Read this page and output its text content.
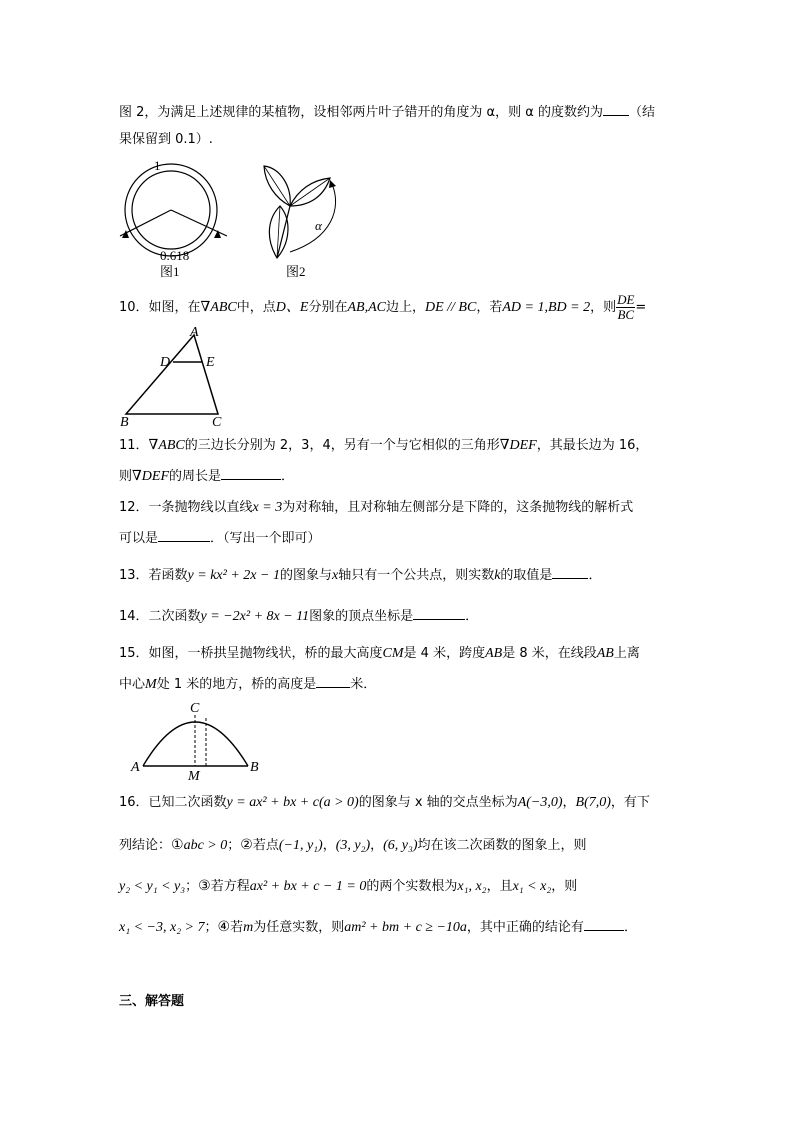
图 2，为满足上述规律的某植物，设相邻两片叶子错开的角度为 α，则 α 的度数约为 （结
果保留到 0.1）.
1
0.618
图1
α
图2
10．如图，在∇ABC中，点D、E分别在AB,AC边上，DE // BC，若AD = 1,BD = 2，则 $\frac{DE}{BC}$ =
A
D	E
B	C
11．∇ABC的三边长分别为 2，3，4，另有一个与它相似的三角形∇DEF，其最长边为 16，
则∇DEF的周长是	．
12．一条抛物线以直线x = 3为对称轴，且对称轴左侧部分是下降的，这条抛物线的解析式
可以是	．（写出一个即可）
13．若函数y = kx² + 2x − 1的图象与x轴只有一个公共点，则实数k的取值是	．
14．二次函数y = −2x² + 8x − 11图象的顶点坐标是	．
15．如图，一桥拱呈抛物线状，桥的最大高度CM是 4 米，跨度AB是 8 米，在线段AB上离
中心M处 1 米的地方，桥的高度是	米．
C
A	B
M
16．已知二次函数y = ax² + bx + c(a > 0)的图象与 x 轴的交点坐标为A(−3,0)，B(7,0)，有下
列结论：①abc > 0；②若点(−1, y₁)，(3, y₂)，(6, y₃)均在该二次函数的图象上，则
y₂ < y₁ < y₃；③若方程ax² + bx + c − 1 = 0的两个实数根为x₁, x₂，且x₁ < x₂，则
x₁ < −3, x₂ > 7；④若m为任意实数，则am² + bm + c ≥ −10a，其中正确的结论有	．
三、解答题
